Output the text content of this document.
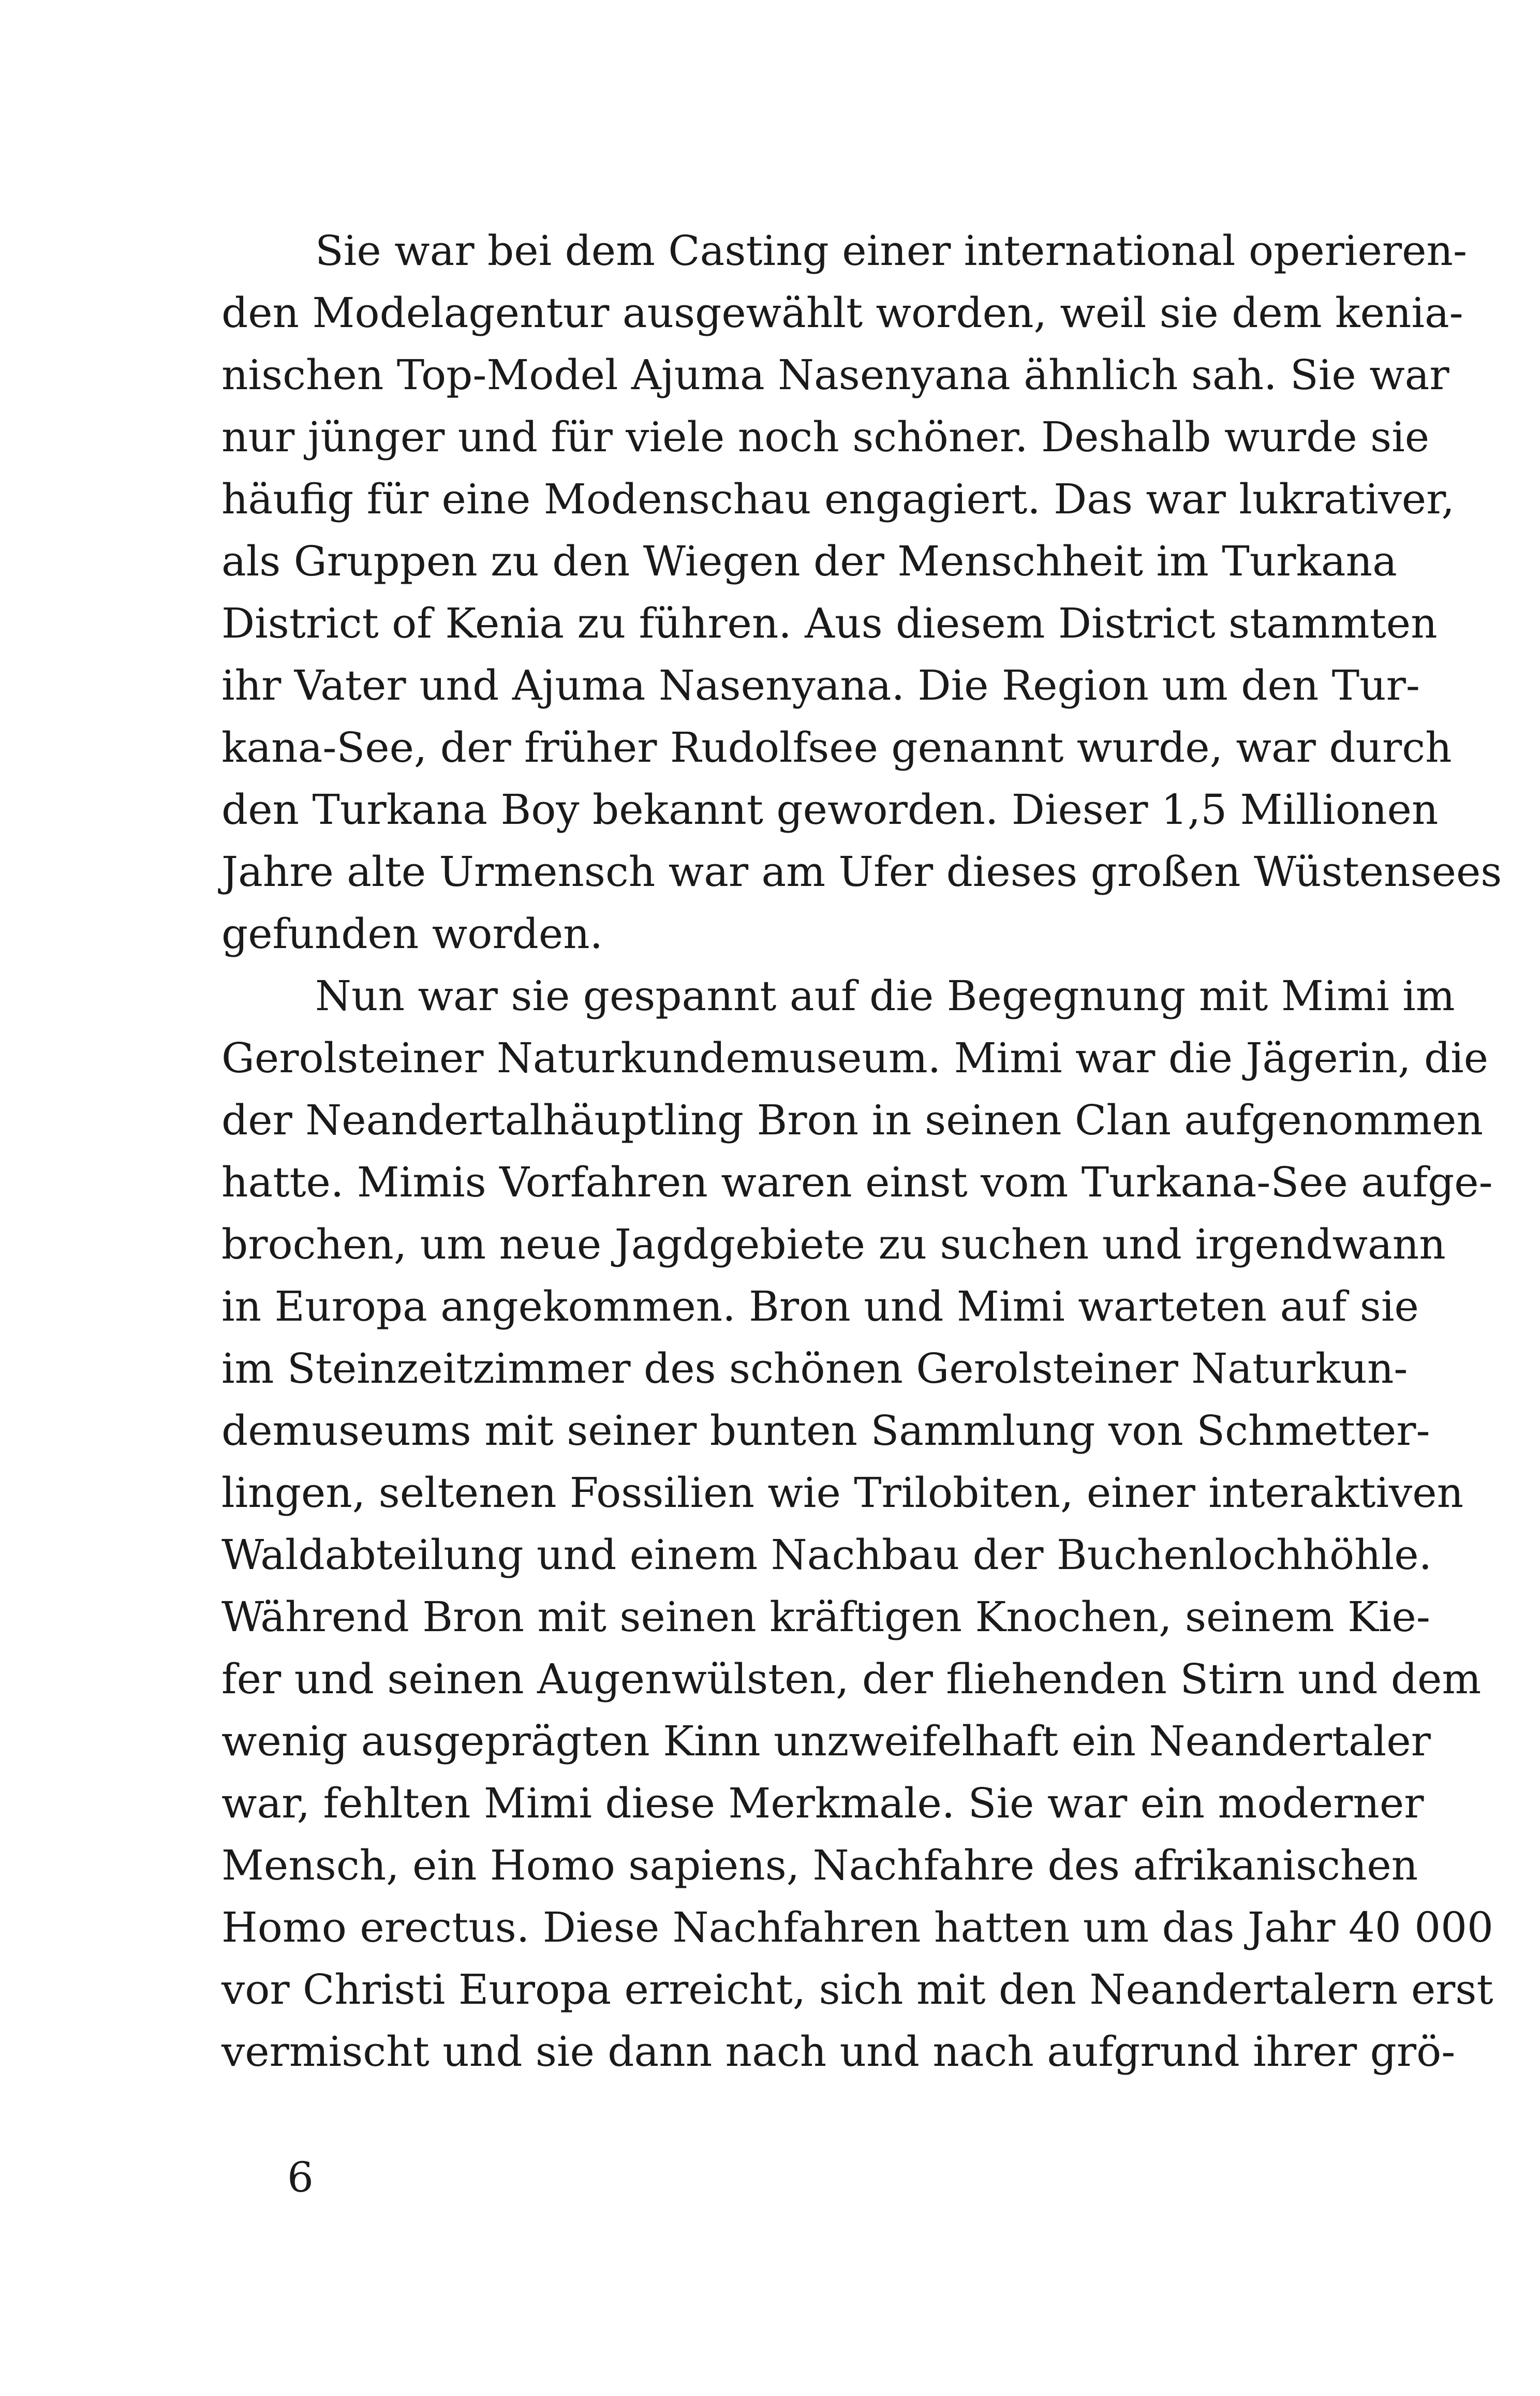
Sie war bei dem Casting einer international operieren-
den Modelagentur ausgewählt worden, weil sie dem kenia-
nischen Top-Model Ajuma Nasenyana ähnlich sah. Sie war
nur jünger und für viele noch schöner. Deshalb wurde sie
häufig für eine Modenschau engagiert. Das war lukrativer,
als Gruppen zu den Wiegen der Menschheit im Turkana
District of Kenia zu führen. Aus diesem District stammten
ihr Vater und Ajuma Nasenyana. Die Region um den Tur-
kana-See, der früher Rudolfsee genannt wurde, war durch
den Turkana Boy bekannt geworden. Dieser 1,5 Millionen
Jahre alte Urmensch war am Ufer dieses großen Wüstensees
gefunden worden.
Nun war sie gespannt auf die Begegnung mit Mimi im
Gerolsteiner Naturkundemuseum. Mimi war die Jägerin, die
der Neandertalhäuptling Bron in seinen Clan aufgenommen
hatte. Mimis Vorfahren waren einst vom Turkana-See aufge-
brochen, um neue Jagdgebiete zu suchen und irgendwann
in Europa angekommen. Bron und Mimi warteten auf sie
im Steinzeitzimmer des schönen Gerolsteiner Naturkun-
demuseums mit seiner bunten Sammlung von Schmetter-
lingen, seltenen Fossilien wie Trilobiten, einer interaktiven
Waldabteilung und einem Nachbau der Buchenlochhöhle.
Während Bron mit seinen kräftigen Knochen, seinem Kie-
fer und seinen Augenwülsten, der fliehenden Stirn und dem
wenig ausgeprägten Kinn unzweifelhaft ein Neandertaler
war, fehlten Mimi diese Merkmale. Sie war ein moderner
Mensch, ein Homo sapiens, Nachfahre des afrikanischen
Homo erectus. Diese Nachfahren hatten um das Jahr 40 000
vor Christi Europa erreicht, sich mit den Neandertalern erst
vermischt und sie dann nach und nach aufgrund ihrer grö-
6
